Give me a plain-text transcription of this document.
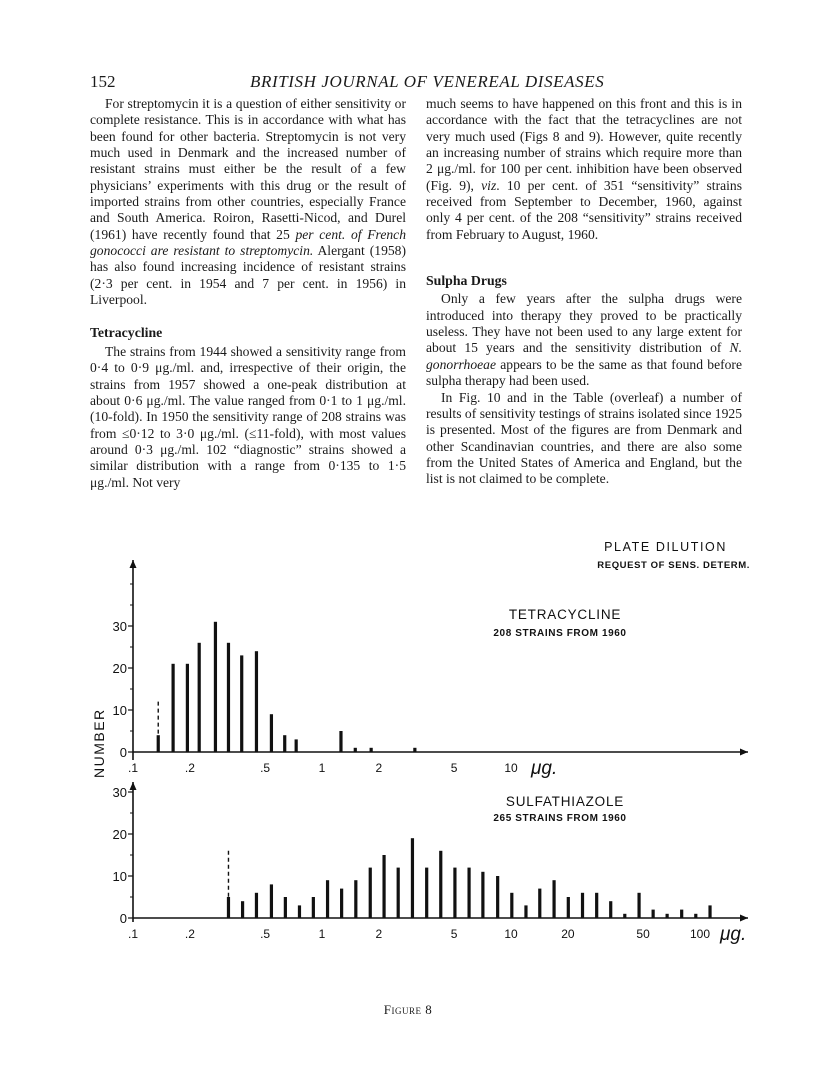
152	BRITISH JOURNAL OF VENEREAL DISEASES

For streptomycin it is a question of either sensitivity or complete resistance. This is in accordance with what has been found for other bacteria. Streptomycin is not very much used in Denmark and the increased number of resistant strains must either be the result of a few physicians’ experiments with this drug or the result of imported strains from other countries, especially France and South America. Roiron, Rasetti-Nicod, and Durel (1961) have recently found that 25 per cent. of French gonococci are resistant to streptomycin. Alergant (1958) has also found increasing incidence of resistant strains (2·3 per cent. in 1954 and 7 per cent. in 1956) in Liverpool.

Tetracycline

The strains from 1944 showed a sensitivity range from 0·4 to 0·9 μg./ml. and, irrespective of their origin, the strains from 1957 showed a one-peak distribution at about 0·6 μg./ml. The value ranged from 0·1 to 1 μg./ml. (10-fold). In 1950 the sensitivity range of 208 strains was from ≤0·12 to 3·0 μg./ml. (≤11-fold), with most values around 0·3 μg./ml. 102 “diagnostic” strains showed a similar distribution with a range from 0·135 to 1·5 μg./ml. Not very

much seems to have happened on this front and this is in accordance with the fact that the tetracyclines are not very much used (Figs 8 and 9). However, quite recently an increasing number of strains which require more than 2 μg./ml. for 100 per cent. inhibition have been observed (Fig. 9), viz. 10 per cent. of 351 “sensitivity” strains received from September to December, 1960, against only 4 per cent. of the 208 “sensitivity” strains received from February to August, 1960.

Sulpha Drugs

Only a few years after the sulpha drugs were introduced into therapy they proved to be practically useless. They have not been used to any large extent for about 15 years and the sensitivity distribution of N. gonorrhoeae appears to be the same as that found before sulpha therapy had been used.

In Fig. 10 and in the Table (overleaf) a number of results of sensitivity testings of strains isolated since 1925 is presented. Most of the figures are from Denmark and other Scandinavian countries, and there are also some from the United States of America and England, but the list is not claimed to be complete.

0
10
20
30
.1	.2	.5	1	2	5	10 μg.
TETRACYCLINE
208 STRAINS FROM 1960
PLATE DILUTION
REQUEST OF SENS. DETERM.
NUMBER
0
10
20
30
.1	.2	.5	1	2	5	10	20	50	100 μg.
SULFATHIAZOLE
265 STRAINS FROM 1960
Figure 8
